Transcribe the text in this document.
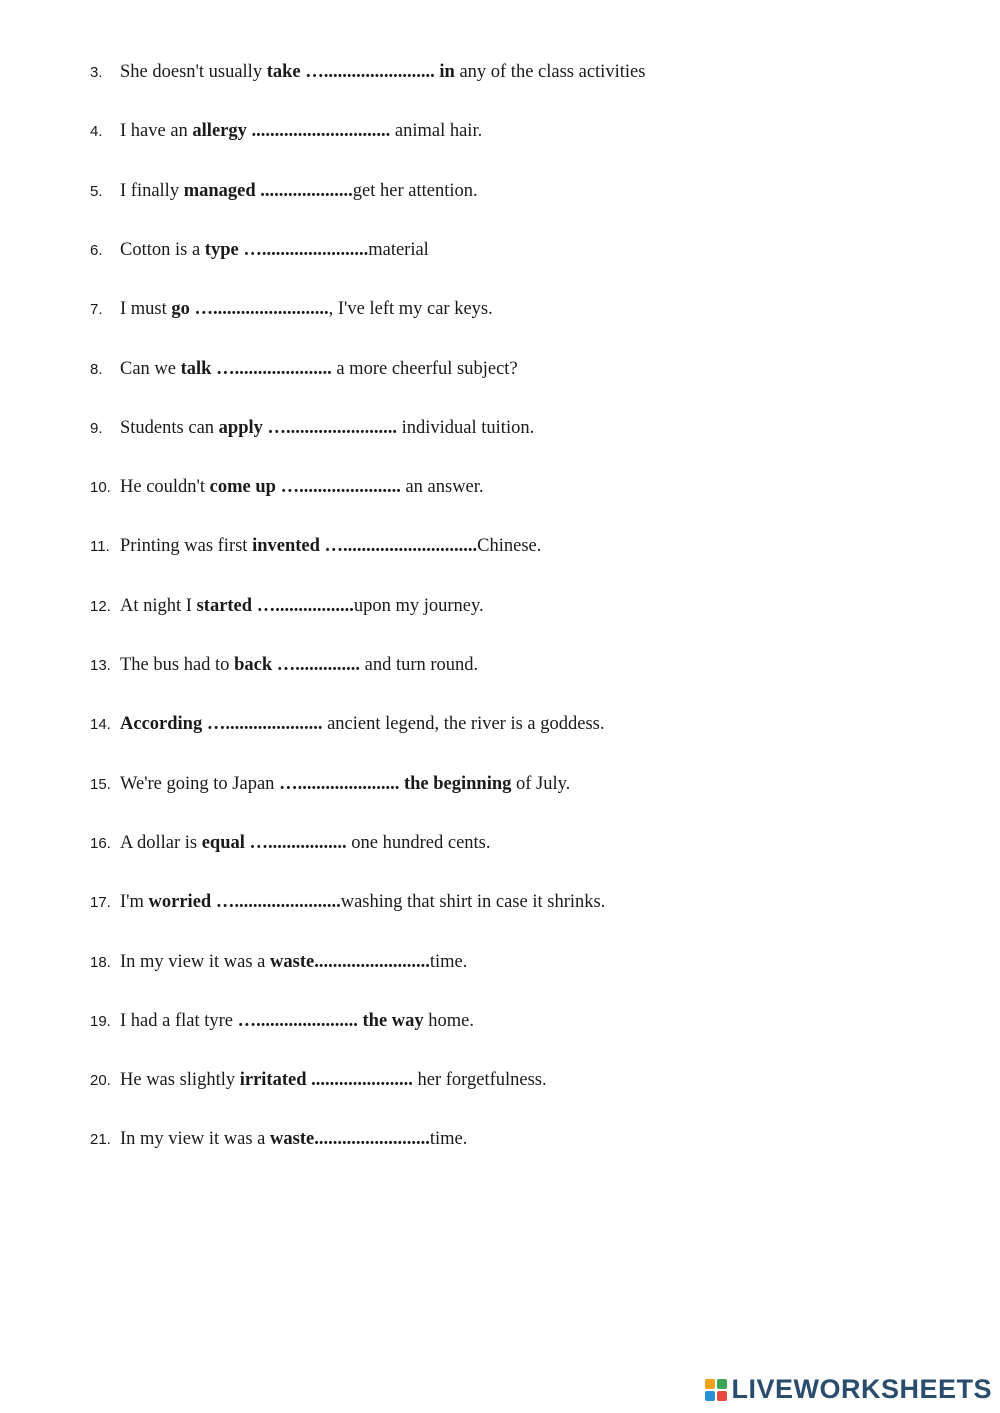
3. She doesn't usually take …........................ in any of the class activities
4. I have an allergy .............................. animal hair.
5. I finally managed ....................get her attention.
6. Cotton is a type ….......................material
7. I must go …........................., I've left my car keys.
8. Can we talk …..................... a more cheerful subject?
9. Students can apply …........................ individual tuition.
10. He couldn't come up …...................... an answer.
11. Printing was first invented ….............................Chinese.
12. At night I started ….................upon my journey.
13. The bus had to back ….............. and turn round.
14. According …..................... ancient legend, the river is a goddess.
15. We're going to Japan …...................... the beginning of July.
16. A dollar is equal …................. one hundred cents.
17. I'm worried ….......................washing that shirt in case it shrinks.
18. In my view it was a waste.........................time.
19. I had a flat tyre …...................... the way home.
20. He was slightly irritated ...................... her forgetfulness.
21. In my view it was a waste.........................time.
LIVEWORKSHEETS
